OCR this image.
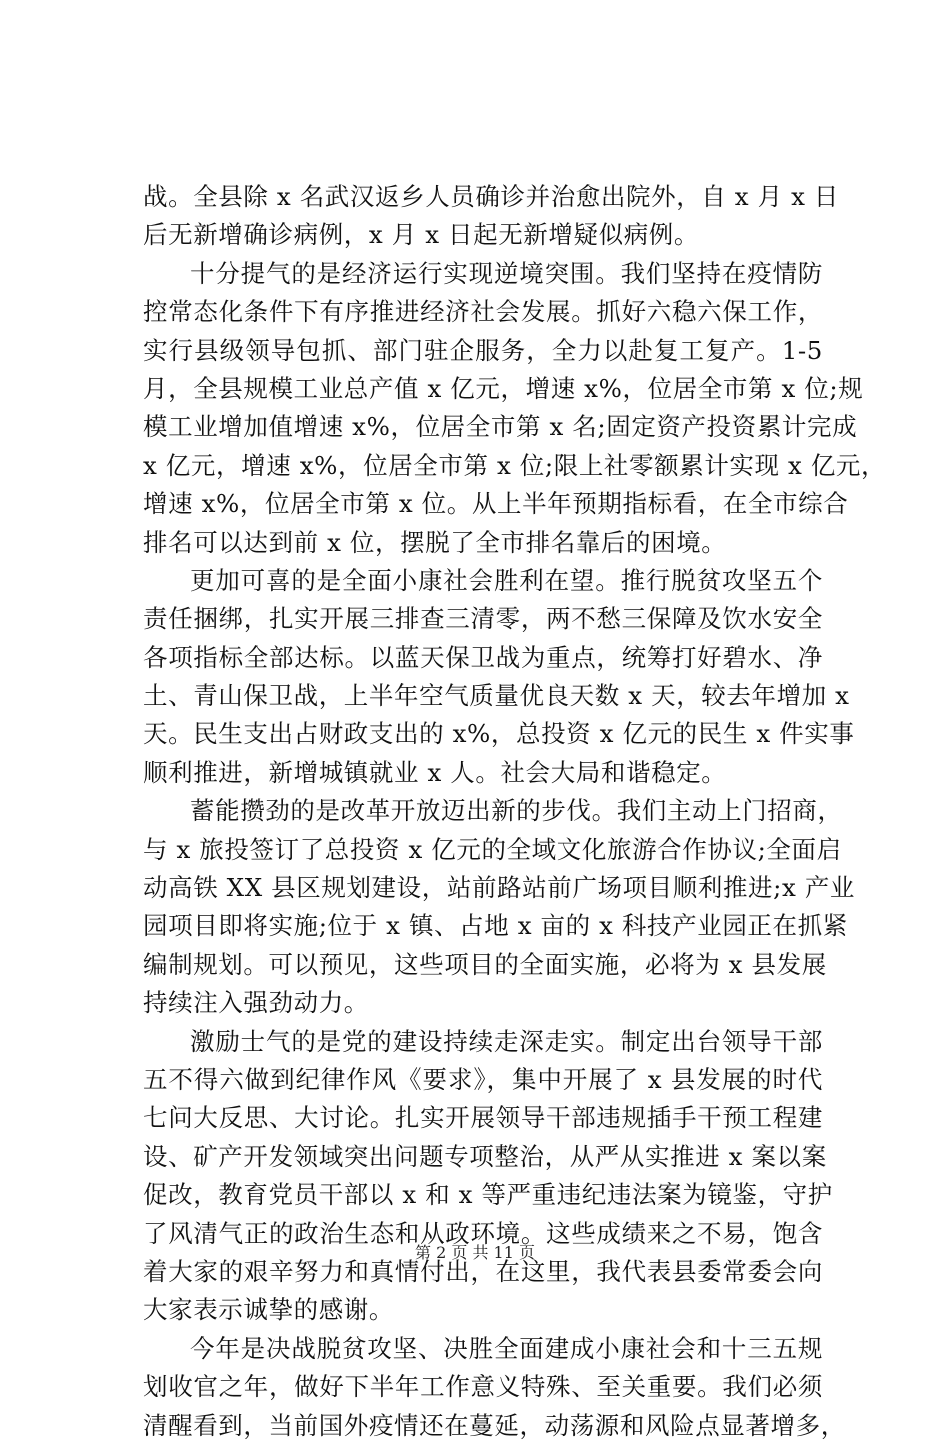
战。全县除 x 名武汉返乡人员确诊并治愈出院外，自 x 月 x 日
后无新增确诊病例，x 月 x 日起无新增疑似病例。
十分提气的是经济运行实现逆境突围。我们坚持在疫情防
控常态化条件下有序推进经济社会发展。抓好六稳六保工作，
实行县级领导包抓、部门驻企服务，全力以赴复工复产。1-5
月，全县规模工业总产值 x 亿元，增速 x%，位居全市第 x 位;规
模工业增加值增速 x%，位居全市第 x 名;固定资产投资累计完成
x 亿元，增速 x%，位居全市第 x 位;限上社零额累计实现 x 亿元，
增速 x%，位居全市第 x 位。从上半年预期指标看，在全市综合
排名可以达到前 x 位，摆脱了全市排名靠后的困境。
更加可喜的是全面小康社会胜利在望。推行脱贫攻坚五个
责任捆绑，扎实开展三排查三清零，两不愁三保障及饮水安全
各项指标全部达标。以蓝天保卫战为重点，统筹打好碧水、净
土、青山保卫战，上半年空气质量优良天数 x 天，较去年增加 x
天。民生支出占财政支出的 x%，总投资 x 亿元的民生 x 件实事
顺利推进，新增城镇就业 x 人。社会大局和谐稳定。
蓄能攒劲的是改革开放迈出新的步伐。我们主动上门招商，
与 x 旅投签订了总投资 x 亿元的全域文化旅游合作协议;全面启
动高铁 XX 县区规划建设，站前路站前广场项目顺利推进;x 产业
园项目即将实施;位于 x 镇、占地 x 亩的 x 科技产业园正在抓紧
编制规划。可以预见，这些项目的全面实施，必将为 x 县发展
持续注入强劲动力。
激励士气的是党的建设持续走深走实。制定出台领导干部
五不得六做到纪律作风《要求》，集中开展了 x 县发展的时代
七问大反思、大讨论。扎实开展领导干部违规插手干预工程建
设、矿产开发领域突出问题专项整治，从严从实推进 x 案以案
促改，教育党员干部以 x 和 x 等严重违纪违法案为镜鉴，守护
了风清气正的政治生态和从政环境。这些成绩来之不易，饱含
着大家的艰辛努力和真情付出，在这里，我代表县委常委会向
大家表示诚挚的感谢。
今年是决战脱贫攻坚、决胜全面建成小康社会和十三五规
划收官之年，做好下半年工作意义特殊、至关重要。我们必须
清醒看到，当前国外疫情还在蔓延，动荡源和风险点显著增多，
第 2 页 共 11 页
